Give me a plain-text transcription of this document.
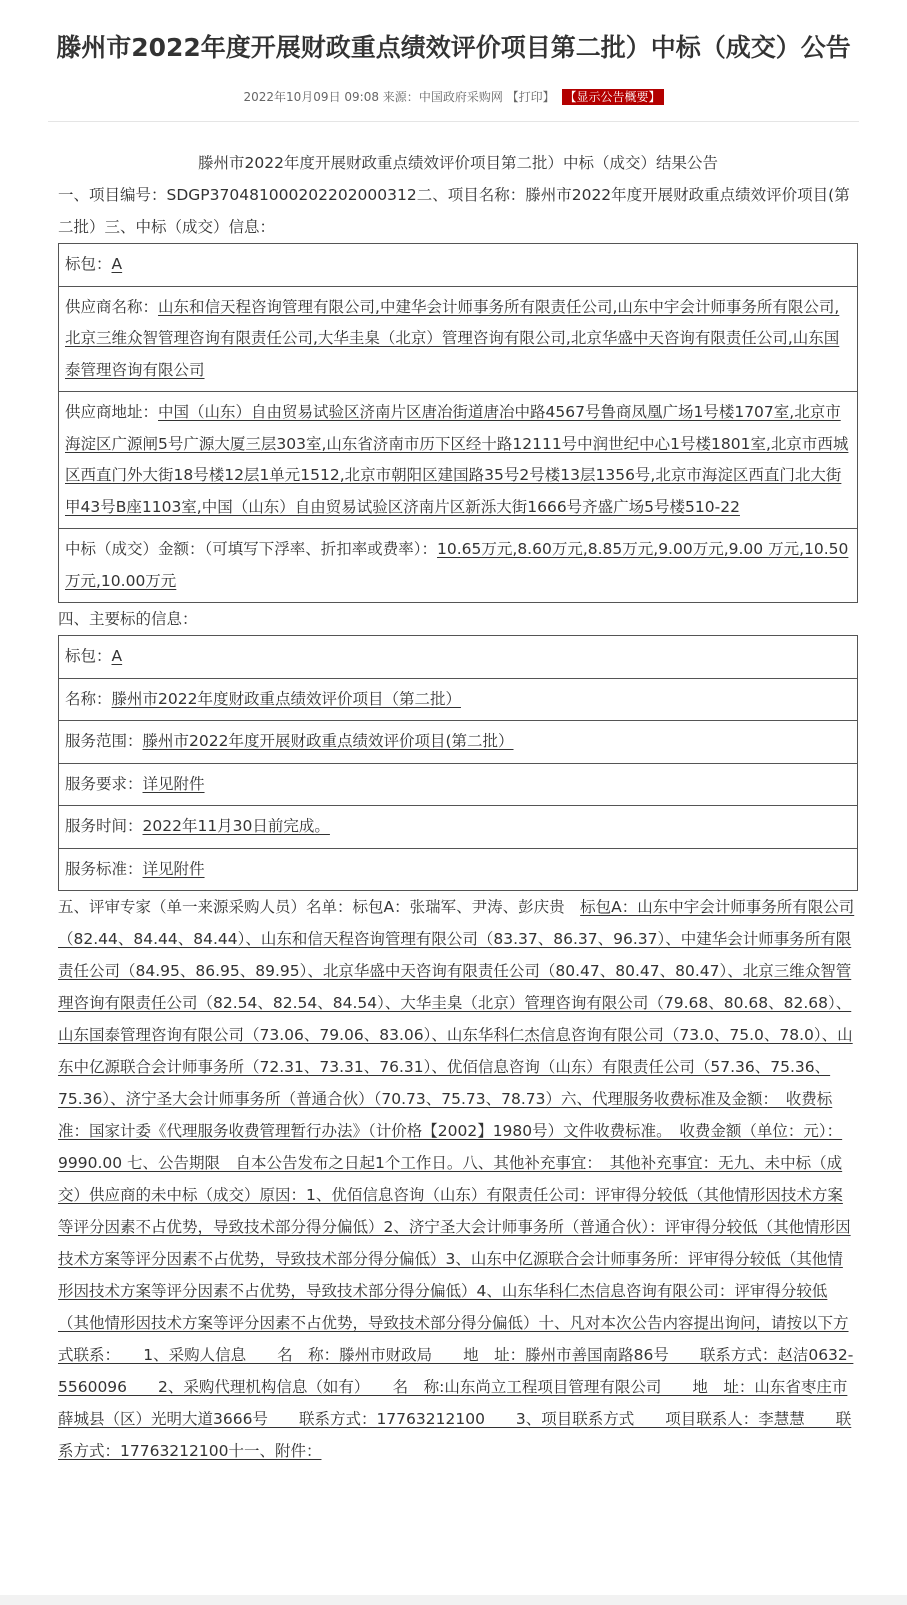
滕州市2022年度开展财政重点绩效评价项目第二批）中标（成交）公告
2022年10月09日 09:08 来源：中国政府采购网 【打印】 【显示公告概要】

滕州市2022年度开展财政重点绩效评价项目第二批）中标（成交）结果公告

一、项目编号：SDGP370481000202202000312二、项目名称：滕州市2022年度开展财政重点绩效评价项目(第二批）三、中标（成交）信息：

标包：A
供应商名称：山东和信天程咨询管理有限公司,中建华会计师事务所有限责任公司,山东中宇会计师事务所有限公司,北京三维众智管理咨询有限责任公司,大华圭臬（北京）管理咨询有限公司,北京华盛中天咨询有限责任公司,山东国泰管理咨询有限公司
供应商地址：中国（山东）自由贸易试验区济南片区唐冶街道唐冶中路4567号鲁商凤凰广场1号楼1707室,北京市海淀区广源闸5号广源大厦三层303室,山东省济南市历下区经十路12111号中润世纪中心1号楼1801室,北京市西城区西直门外大街18号楼12层1单元1512,北京市朝阳区建国路35号2号楼13层1356号,北京市海淀区西直门北大街甲43号B座1103室,中国（山东）自由贸易试验区济南片区新泺大街1666号齐盛广场5号楼510-22
中标（成交）金额：（可填写下浮率、折扣率或费率）：10.65万元,8.60万元,8.85万元,9.00万元,9.00 万元,10.50万元,10.00万元

四、主要标的信息：

标包：A
名称：滕州市2022年度财政重点绩效评价项目（第二批）
服务范围：滕州市2022年度开展财政重点绩效评价项目(第二批）
服务要求：详见附件
服务时间：2022年11月30日前完成。
服务标准：详见附件

五、评审专家（单一来源采购人员）名单：标包A：张瑞军、尹涛、彭庆贵　标包A：山东中宇会计师事务所有限公司（82.44、84.44、84.44）、山东和信天程咨询管理有限公司（83.37、86.37、96.37）、中建华会计师事务所有限责任公司（84.95、86.95、89.95）、北京华盛中天咨询有限责任公司（80.47、80.47、80.47）、北京三维众智管理咨询有限责任公司（82.54、82.54、84.54）、大华圭臬（北京）管理咨询有限公司（79.68、80.68、82.68）、山东国泰管理咨询有限公司（73.06、79.06、83.06）、山东华科仁杰信息咨询有限公司（73.0、75.0、78.0）、山东中亿源联合会计师事务所（72.31、73.31、76.31）、优佰信息咨询（山东）有限责任公司（57.36、75.36、75.36）、济宁圣大会计师事务所（普通合伙）（70.73、75.73、78.73）六、代理服务收费标准及金额：　收费标准：国家计委《代理服务收费管理暂行办法》（计价格【2002】1980号）文件收费标准。　收费金额（单位：元）：9990.00 七、公告期限　自本公告发布之日起1个工作日。八、其他补充事宜：　其他补充事宜：无九、未中标（成交）供应商的未中标（成交）原因：1、优佰信息咨询（山东）有限责任公司：评审得分较低（其他情形因技术方案等评分因素不占优势，导致技术部分得分偏低）2、济宁圣大会计师事务所（普通合伙）：评审得分较低（其他情形因技术方案等评分因素不占优势，导致技术部分得分偏低）3、山东中亿源联合会计师事务所：评审得分较低（其他情形因技术方案等评分因素不占优势，导致技术部分得分偏低）4、山东华科仁杰信息咨询有限公司：评审得分较低（其他情形因技术方案等评分因素不占优势，导致技术部分得分偏低）十、凡对本次公告内容提出询问，请按以下方式联系：　　1、采购人信息　　名　称：滕州市财政局　　地　址：滕州市善国南路86号　　联系方式：赵洁0632-5560096　　2、采购代理机构信息（如有）　　名　称:山东尚立工程项目管理有限公司　　地　址：山东省枣庄市薛城县（区）光明大道3666号　　联系方式：17763212100　　3、项目联系方式　　项目联系人：李慧慧　　联系方式：17763212100十一、附件：
